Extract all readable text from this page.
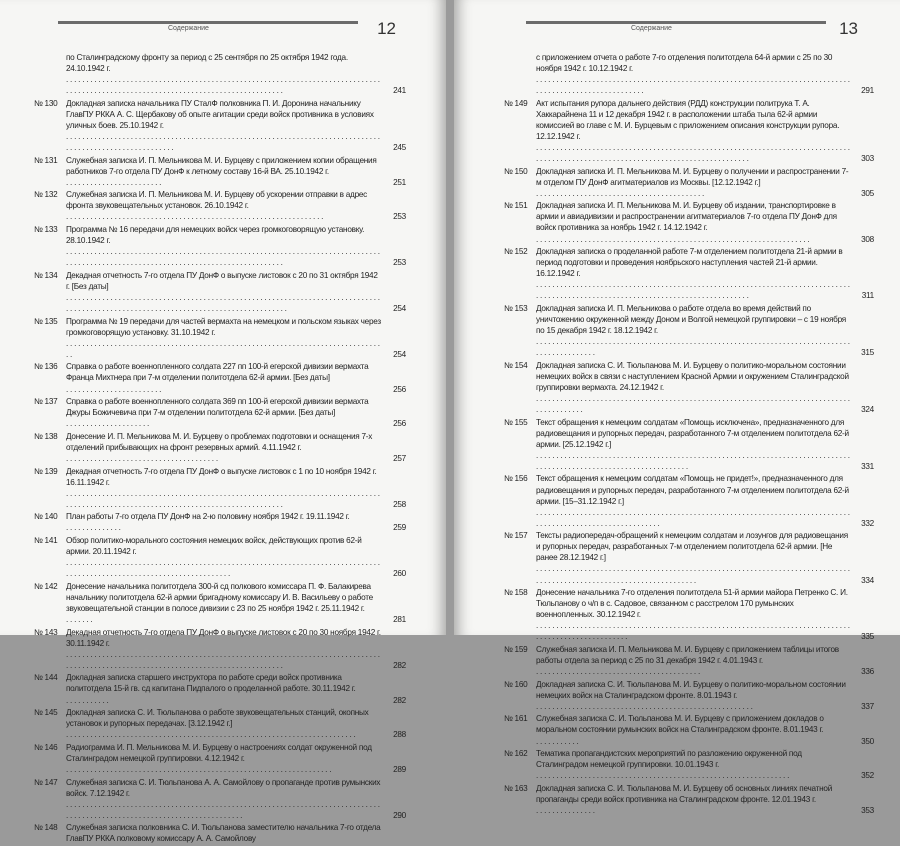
Содержание	12
по Сталинградскому фронту за период с 25 сентября по 25 октября 1942 года. 24.10.1942 г.. . . . . . . . . . . . . . . . . . . . . . . . . . . . . . . . . . . . . . . . . . . . . . . . . . . . . . . . . . . . . . . . . . . . . . . . . . . . . . . . . . . . . . . . . . . . . . . . . . . . . . . . . . . . . . . . . . . . . . . . . . . . . . . . . . . .	241
№ 130 Докладная записка начальника ПУ СталФ полковника П. И. Доронина начальнику ГлавПУ РККА А. С. Щербакову об опыте агитации среди войск противника в условиях уличных боев. 25.10.1942 г.. . . . . . . . . . . . . . . . . . . . . . . . . . . . . . . . . . . . . . . . . . . . . . . . . . . . . . . . . . . . . . . . . . . . . . . . . . . . . . . . . . . . . . . . . . . . . . . . . . . . . . . . .	245
№ 131 Служебная записка И. П. Мельникова М. И. Бурцеву с приложением копии обращения работников 7-го отдела ПУ ДонФ к летному составу 16-й ВА. 25.10.1942 г.. . . . . . . . . . . . . . . . . . . . . . . .	251
№ 132 Служебная записка И. П. Мельникова М. И. Бурцеву об ускорении отправки в адрес фронта звуковещательных установок. 26.10.1942 г.. . . . . . . . . . . . . . . . . . . . . . . . . . . . . . . . . . . . . . . . . . . . . . . . . . . . . . . . . . . . . . . .	253
№ 133 Программа № 16 передачи для немецких войск через громкоговорящую установку. 28.10.1942 г.. . . . . . . . . . . . . . . . . . . . . . . . . . . . . . . . . . . . . . . . . . . . . . . . . . . . . . . . . . . . . . . . . . . . . . . . . . . . . . . . . . . . . . . . . . . . . . . . . . . . . . . . . . . . . . . . . . . . . . . . . . . . . . . . . . . .	253
№ 134 Декадная отчетность 7-го отдела ПУ ДонФ о выпуске листовок с 20 по 31 октября 1942 г. [Без даты]. . . . . . . . . . . . . . . . . . . . . . . . . . . . . . . . . . . . . . . . . . . . . . . . . . . . . . . . . . . . . . . . . . . . . . . . . . . . . . . . . . . . . . . . . . . . . . . . . . . . . . . . . . . . . . . . . . . . . . . . . . . . . . . . . . . . .	254
№ 135 Программа № 19 передачи для частей вермахта на немецком и польском языках через громкоговорящую установку. 31.10.1942 г.. . . . . . . . . . . . . . . . . . . . . . . . . . . . . . . . . . . . . . . . . . . . . . . . . . . . . . . . . . . . . . . . . . . . . . . . . . . . . . . .	254
№ 136 Справка о работе военнопленного солдата 227 пп 100-й егерской дивизии вермахта Франца Михтнера при 7-м отделении политотдела 62-й армии. [Без даты]. . . . . . . . . . . . . . . . . . . . . . . .	256
№ 137 Справка о работе военнопленного солдата 369 пп 100-й егерской дивизии вермахта Джуры Божичевича при 7-м отделении политотдела 62-й армии. [Без даты]. . . . . . . . . . . . . . . . . . . . .	256
№ 138 Донесение И. П. Мельникова М. И. Бурцеву о проблемах подготовки и оснащения 7-х отделений прибывающих на фронт резервных армий. 4.11.1942 г.. . . . . . . . . . . . . . . . . . . . . . . . . . . . . . . . . . . . . .	257
№ 139 Декадная отчетность 7-го отдела ПУ ДонФ о выпуске листовок с 1 по 10 ноября 1942 г. 16.11.1942 г.. . . . . . . . . . . . . . . . . . . . . . . . . . . . . . . . . . . . . . . . . . . . . . . . . . . . . . . . . . . . . . . . . . . . . . . . . . . . . . . . . . . . . . . . . . . . . . . . . . . . . . . . . . . . . . . . . . . . . . . . . . . . . . . . . . . .	258
№ 140 План работы 7-го отдела ПУ ДонФ на 2-ю половину ноября 1942 г. 19.11.1942 г.. . . . . . . . . . . . . .	259
№ 141 Обзор политико-морального состояния немецких войск, действующих против 62-й армии. 20.11.1942 г.. . . . . . . . . . . . . . . . . . . . . . . . . . . . . . . . . . . . . . . . . . . . . . . . . . . . . . . . . . . . . . . . . . . . . . . . . . . . . . . . . . . . . . . . . . . . . . . . . . . . . . . . . . . . . . . . . . . . . . .	260
№ 142 Донесение начальника политотдела 300-й сд полкового комиссара П. Ф. Балакирева начальнику политотдела 62-й армии бригадному комиссару И. В. Васильеву о работе звуковещательной станции в полосе дивизии с 23 по 25 ноября 1942 г. 25.11.1942 г.. . . . . . .	281
№ 143 Декадная отчетность 7-го отдела ПУ ДонФ о выпуске листовок с 20 по 30 ноября 1942 г. 30.11.1942 г.. . . . . . . . . . . . . . . . . . . . . . . . . . . . . . . . . . . . . . . . . . . . . . . . . . . . . . . . . . . . . . . . . . . . . . . . . . . . . . . . . . . . . . . . . . . . . . . . . . . . . . . . . . . . . . . . . . . . . . . . . . . . . . . . . . . .	282
№ 144 Докладная записка старшего инструктора по работе среди войск противника политотдела 15-й гв. сд капитана Пидпалого о проделанной работе. 30.11.1942 г.. . . . . . . . . . .	282
№ 145 Докладная записка С. И. Тюльпанова о работе звуковещательных станций, окопных установок и рупорных передачах. [3.12.1942 г.]. . . . . . . . . . . . . . . . . . . . . . . . . . . . . . . . . . . . . . . . . . . . . . . . . . . . . . . . . . . . . . . . . . . . . . . .	288
№ 146 Радиограмма И. П. Мельникова М. И. Бурцеву о настроениях солдат окруженной под Сталинградом немецкой группировки. 4.12.1942 г.. . . . . . . . . . . . . . . . . . . . . . . . . . . . . . . . . . . . . . . . . . . . . . . . . . . . . . . . . . . . . . . . . .	289
№ 147 Служебная записка С. И. Тюльпанова А. А. Самойлову о пропаганде против румынских войск. 7.12.1942 г.. . . . . . . . . . . . . . . . . . . . . . . . . . . . . . . . . . . . . . . . . . . . . . . . . . . . . . . . . . . . . . . . . . . . . . . . . . . . . . . . . . . . . . . . . . . . . . . . . . . . . . . . . . . . . . . . . . . . . . . . . .	290
№ 148 Служебная записка полковника С. И. Тюльпанова заместителю начальника 7-го отдела ГлавПУ РККА полковому комиссару А. А. Самойлову
Содержание	13
с приложением отчета о работе 7-го отделения политотдела 64-й армии с 25 по 30 ноября 1942 г. 10.12.1942 г.. . . . . . . . . . . . . . . . . . . . . . . . . . . . . . . . . . . . . . . . . . . . . . . . . . . . . . . . . . . . . . . . . . . . . . . . . . . . . . . . . . . . . . . . . . . . . . . . . . . . . . . . .	291
№ 149 Акт испытания рупора дальнего действия (РДД) конструкции политрука Т. А. Хаккарайнена 11 и 12 декабря 1942 г. в расположении штаба тыла 62-й армии комиссией во главе с М. И. Бурцевым с приложением описания конструкции рупора. 12.12.1942 г.. . . . . . . . . . . . . . . . . . . . . . . . . . . . . . . . . . . . . . . . . . . . . . . . . . . . . . . . . . . . . . . . . . . . . . . . . . . . . . . . . . . . . . . . . . . . . . . . . . . . . . . . . . . . . . . . . . . . . . . . . . . . . . . . . . .	303
№ 150 Докладная записка И. П. Мельникова М. И. Бурцеву о получении и распространении 7-м отделом ПУ ДонФ агитматериалов из Москвы. [12.12.1942 г.]. . . . . . . . . . . . . . . . . . . . . . . . . . . . . . . . . . . . . . . . . .	305
№ 151 Докладная записка И. П. Мельникова М. И. Бурцеву об издании, транспортировке в армии и авиадивизии и распространении агитматериалов 7-го отдела ПУ ДонФ для войск противника за ноябрь 1942 г. 14.12.1942 г.. . . . . . . . . . . . . . . . . . . . . . . . . . . . . . . . . . . . . . . . . . . . . . . . . . . . . . . . . . . . . . . . . . . .	308
№ 152 Докладная записка о проделанной работе 7-м отделением политотдела 21-й армии в период подготовки и проведения ноябрьского наступления частей 21-й армии. 16.12.1942 г.. . . . . . . . . . . . . . . . . . . . . . . . . . . . . . . . . . . . . . . . . . . . . . . . . . . . . . . . . . . . . . . . . . . . . . . . . . . . . . . . . . . . . . . . . . . . . . . . . . . . . . . . . . . . . . . . . . . . . . . . . . . . . . . . . . .	311
№ 153 Докладная записка И. П. Мельникова о работе отдела во время действий по уничтожению окруженной между Доном и Волгой немецкой группировки – с 19 ноября по 15 декабря 1942 г. 18.12.1942 г.. . . . . . . . . . . . . . . . . . . . . . . . . . . . . . . . . . . . . . . . . . . . . . . . . . . . . . . . . . . . . . . . . . . . . . . . . . . . . . . . . . . . . . . . . . . . .	315
№ 154 Докладная записка С. И. Тюльпанова М. И. Бурцеву о политико-моральном состоянии немецких войск в связи с наступлением Красной Армии и окружением Сталинградской группировки вермахта. 24.12.1942 г.. . . . . . . . . . . . . . . . . . . . . . . . . . . . . . . . . . . . . . . . . . . . . . . . . . . . . . . . . . . . . . . . . . . . . . . . . . . . . . . . . . . . . . . . . .	324
№ 155 Текст обращения к немецким солдатам «Помощь исключена», предназначенного для радиовещания и рупорных передач, разработанного 7-м отделением политотдела 62-й армии. [25.12.1942 г.]. . . . . . . . . . . . . . . . . . . . . . . . . . . . . . . . . . . . . . . . . . . . . . . . . . . . . . . . . . . . . . . . . . . . . . . . . . . . . . . . . . . . . . . . . . . . . . . . . . . . . . . . . . . . . . . . . . . .	331
№ 156 Текст обращения к немецким солдатам «Помощь не придет!», предназначенного для радиовещания и рупорных передач, разработанного 7-м отделением политотдела 62-й армии. [15–31.12.1942 г.]. . . . . . . . . . . . . . . . . . . . . . . . . . . . . . . . . . . . . . . . . . . . . . . . . . . . . . . . . . . . . . . . . . . . . . . . . . . . . . . . . . . . . . . . . . . . . . . . . . . . . . . . . . . . .	332
№ 157 Тексты радиопередач-обращений к немецким солдатам и лозунгов для радиовещания и рупорных передач, разработанных 7-м отделением политотдела 62-й армии. [Не ранее 28.12.1942 г.]. . . . . . . . . . . . . . . . . . . . . . . . . . . . . . . . . . . . . . . . . . . . . . . . . . . . . . . . . . . . . . . . . . . . . . . . . . . . . . . . . . . . . . . . . . . . . . . . . . . . . . . . . . . . . . . . . . . . . .	334
№ 158 Донесение начальника 7-го отделения политотдела 51-й армии майора Петренко С. И. Тюльпанову о ч/п в с. Садовое, связанном с расстрелом 170 румынских военнопленных. 30.12.1942 г.. . . . . . . . . . . . . . . . . . . . . . . . . . . . . . . . . . . . . . . . . . . . . . . . . . . . . . . . . . . . . . . . . . . . . . . . . . . . . . . . . . . . . . . . . . . . . . . . . . . . .	335
№ 159 Служебная записка И. П. Мельникова М. И. Бурцеву с приложением таблицы итогов работы отдела за период с 25 по 31 декабря 1942 г. 4.01.1943 г.. . . . . . . . . . . . . . . . . . . . . . . . . . . . . . . . . . . . . . . . .	336
№ 160 Докладная записка С. И. Тюльпанова М. И. Бурцеву о политико-моральном состоянии немецких войск на Сталинградском фронте. 8.01.1943 г.. . . . . . . . . . . . . . . . . . . . . . . . . . . . . . . . . . . . . . . . . . . . . . . . . . . . . .	337
№ 161 Служебная записка С. И. Тюльпанова М. И. Бурцеву с приложением докладов о моральном состоянии румынских войск на Сталинградском фронте. 8.01.1943 г.. . . . . . . . . . .	350
№ 162 Тематика пропагандистских мероприятий по разложению окруженной под Сталинградом немецкой группировки. 10.01.1943 г.. . . . . . . . . . . . . . . . . . . . . . . . . . . . . . . . . . . . . . . . . . . . . . . . . . . . . . . . . . . . . . .	352
№ 163 Докладная записка С. И. Тюльпанова М. И. Бурцеву об основных линиях печатной пропаганды среди войск противника на Сталинградском фронте. 12.01.1943 г.. . . . . . . . . . . . . . .	353
